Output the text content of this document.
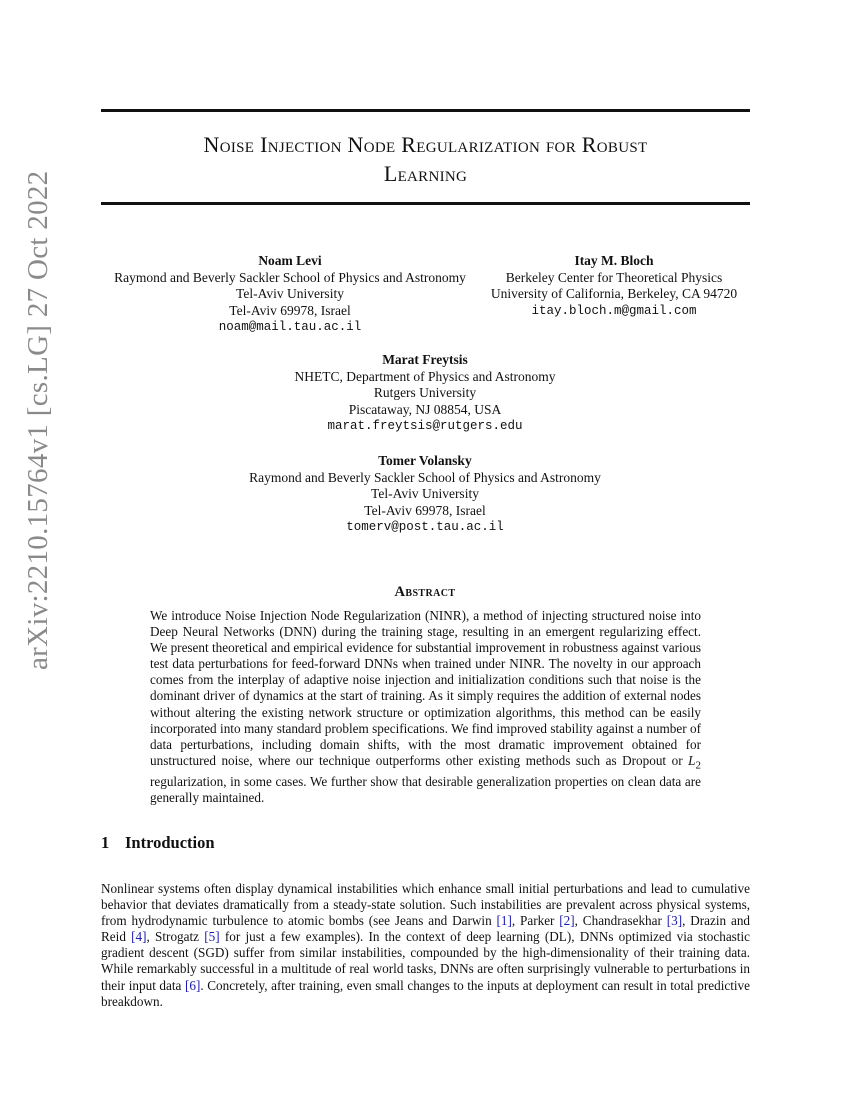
arXiv:2210.15764v1 [cs.LG] 27 Oct 2022
Noise Injection Node Regularization for Robust
Learning
Noam Levi
Raymond and Beverly Sackler School of Physics and Astronomy
Tel-Aviv University
Tel-Aviv 69978, Israel
noam@mail.tau.ac.il
Itay M. Bloch
Berkeley Center for Theoretical Physics
University of California, Berkeley, CA 94720
itay.bloch.m@gmail.com
Marat Freytsis
NHETC, Department of Physics and Astronomy
Rutgers University
Piscataway, NJ 08854, USA
marat.freytsis@rutgers.edu
Tomer Volansky
Raymond and Beverly Sackler School of Physics and Astronomy
Tel-Aviv University
Tel-Aviv 69978, Israel
tomerv@post.tau.ac.il
Abstract
We introduce Noise Injection Node Regularization (NINR), a method of injecting structured noise into Deep Neural Networks (DNN) during the training stage, resulting in an emergent regularizing effect. We present theoretical and empirical evidence for substantial improvement in robustness against various test data perturbations for feed-forward DNNs when trained under NINR. The novelty in our approach comes from the interplay of adaptive noise injection and initialization conditions such that noise is the dominant driver of dynamics at the start of training. As it simply requires the addition of external nodes without altering the existing network structure or optimization algorithms, this method can be easily incorporated into many standard problem specifications. We find improved stability against a number of data perturbations, including domain shifts, with the most dramatic improvement obtained for unstructured noise, where our technique outperforms other existing methods such as Dropout or $L_2$ regularization, in some cases. We further show that desirable generalization properties on clean data are generally maintained.
1 Introduction
Nonlinear systems often display dynamical instabilities which enhance small initial perturbations and lead to cumulative behavior that deviates dramatically from a steady-state solution. Such instabilities are prevalent across physical systems, from hydrodynamic turbulence to atomic bombs (see Jeans and Darwin [1], Parker [2], Chandrasekhar [3], Drazin and Reid [4], Strogatz [5] for just a few examples). In the context of deep learning (DL), DNNs optimized via stochastic gradient descent (SGD) suffer from similar instabilities, compounded by the high-dimensionality of their training data. While remarkably successful in a multitude of real world tasks, DNNs are often surprisingly vulnerable to perturbations in their input data [6]. Concretely, after training, even small changes to the inputs at deployment can result in total predictive breakdown.
